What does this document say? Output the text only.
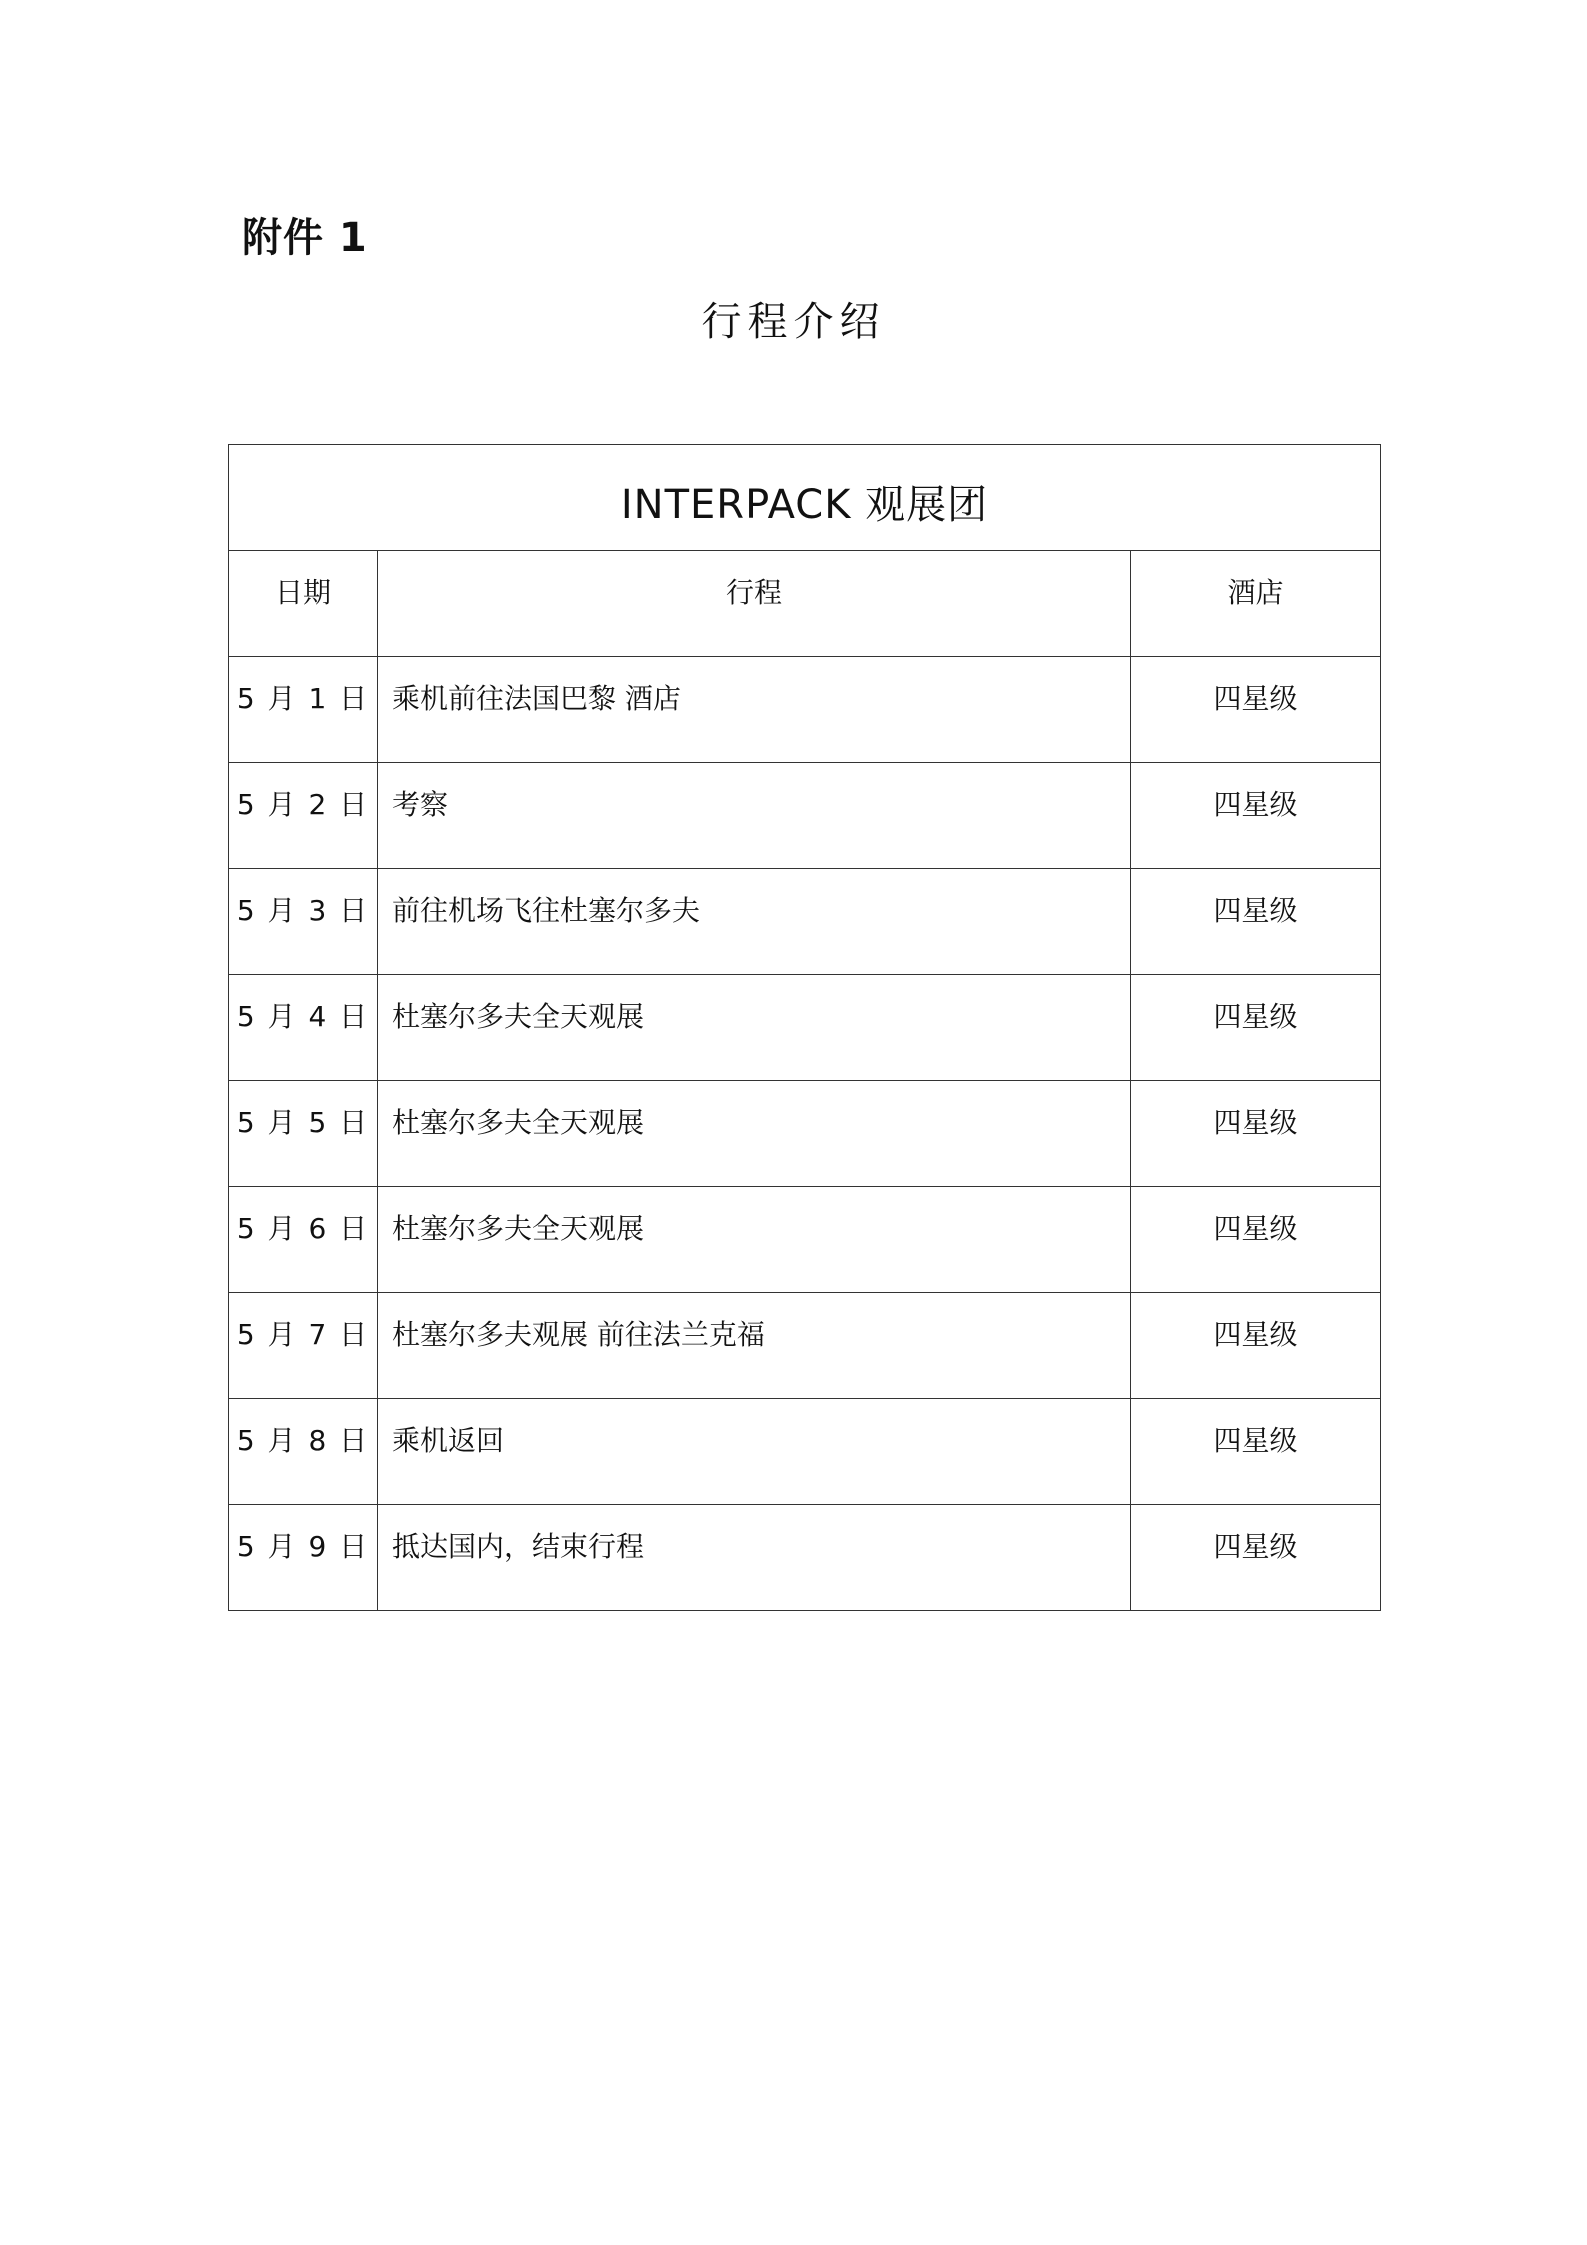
附件 1
行程介绍
INTERPACK 观展团		
日期	行程	酒店
5 月 1 日	乘机前往法国巴黎 酒店	四星级
5 月 2 日	考察	四星级
5 月 3 日	前往机场飞往杜塞尔多夫	四星级
5 月 4 日	杜塞尔多夫全天观展	四星级
5 月 5 日	杜塞尔多夫全天观展	四星级
5 月 6 日	杜塞尔多夫全天观展	四星级
5 月 7 日	杜塞尔多夫观展 前往法兰克福	四星级
5 月 8 日	乘机返回	四星级
5 月 9 日	抵达国内，结束行程	四星级
